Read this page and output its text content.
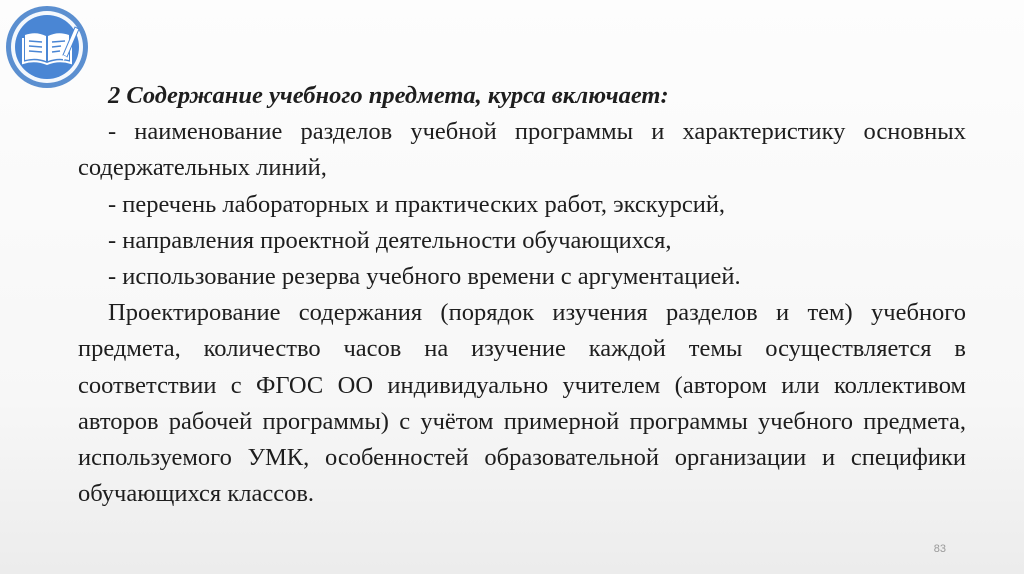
2 Содержание учебного предмета, курса включает:

- наименование разделов учебной программы и характеристику основных содержательных линий,

- перечень лабораторных и практических работ, экскурсий,

- направления проектной деятельности обучающихся,

- использование резерва учебного времени с аргументацией.

Проектирование содержания (порядок изучения разделов и тем) учебного предмета, количество часов на изучение каждой темы осуществляется в соответствии с ФГОС ОО индивидуально учителем (автором или коллективом авторов рабочей программы) с учётом примерной программы учебного предмета, используемого УМК, особенностей образовательной организации и специфики обучающихся классов.

83
